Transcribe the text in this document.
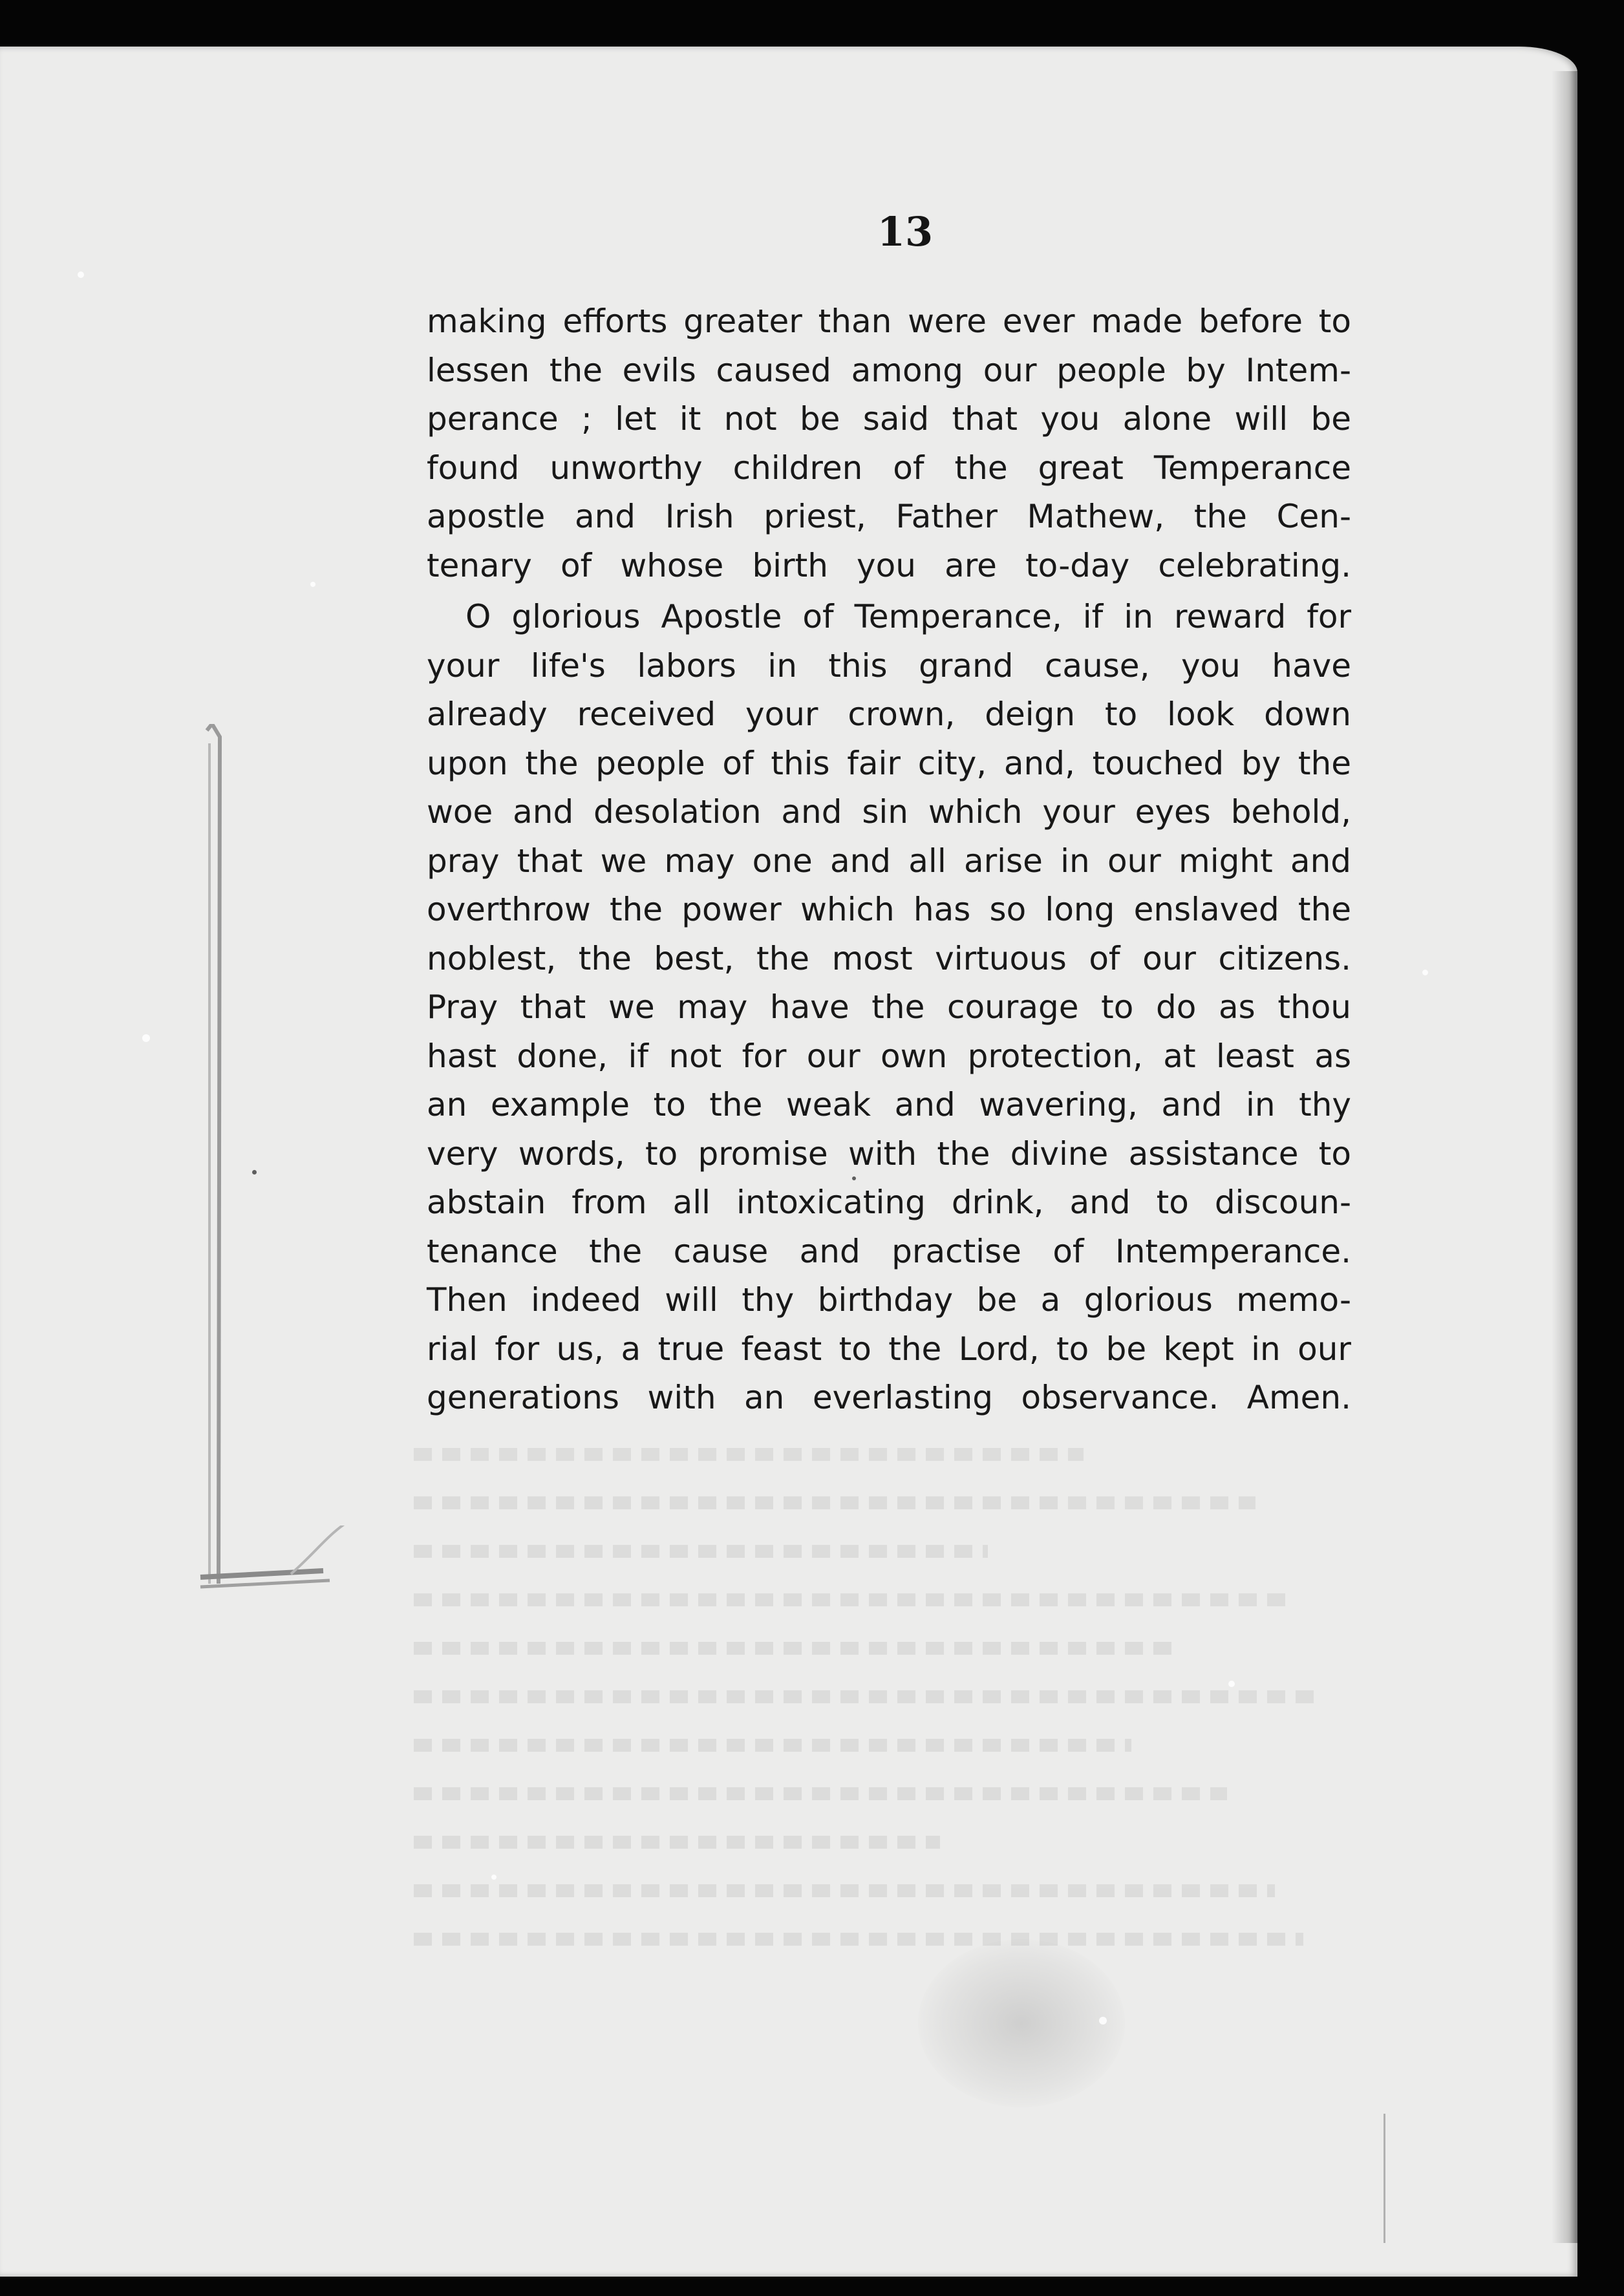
13
making efforts greater than were ever made before to
lessen the evils caused among our people by Intem-
perance ; let it not be said that you alone will be
found unworthy children of the great Temperance
apostle and Irish priest, Father Mathew, the Cen-
tenary of whose birth you are to-day celebrating.
O glorious Apostle of Temperance, if in reward for
your life's labors in this grand cause, you have
already received your crown, deign to look down
upon the people of this fair city, and, touched by the
woe and desolation and sin which your eyes behold,
pray that we may one and all arise in our might and
overthrow the power which has so long enslaved the
noblest, the best, the most virtuous of our citizens.
Pray that we may have the courage to do as thou
hast done, if not for our own protection, at least as
an example to the weak and wavering, and in thy
very words, to promise with the divine assistance to
abstain from all intoxicating drink, and to discoun-
tenance the cause and practise of Intemperance.
Then indeed will thy birthday be a glorious memo-
rial for us, a true feast to the Lord, to be kept in our
generations with an everlasting observance. Amen.
